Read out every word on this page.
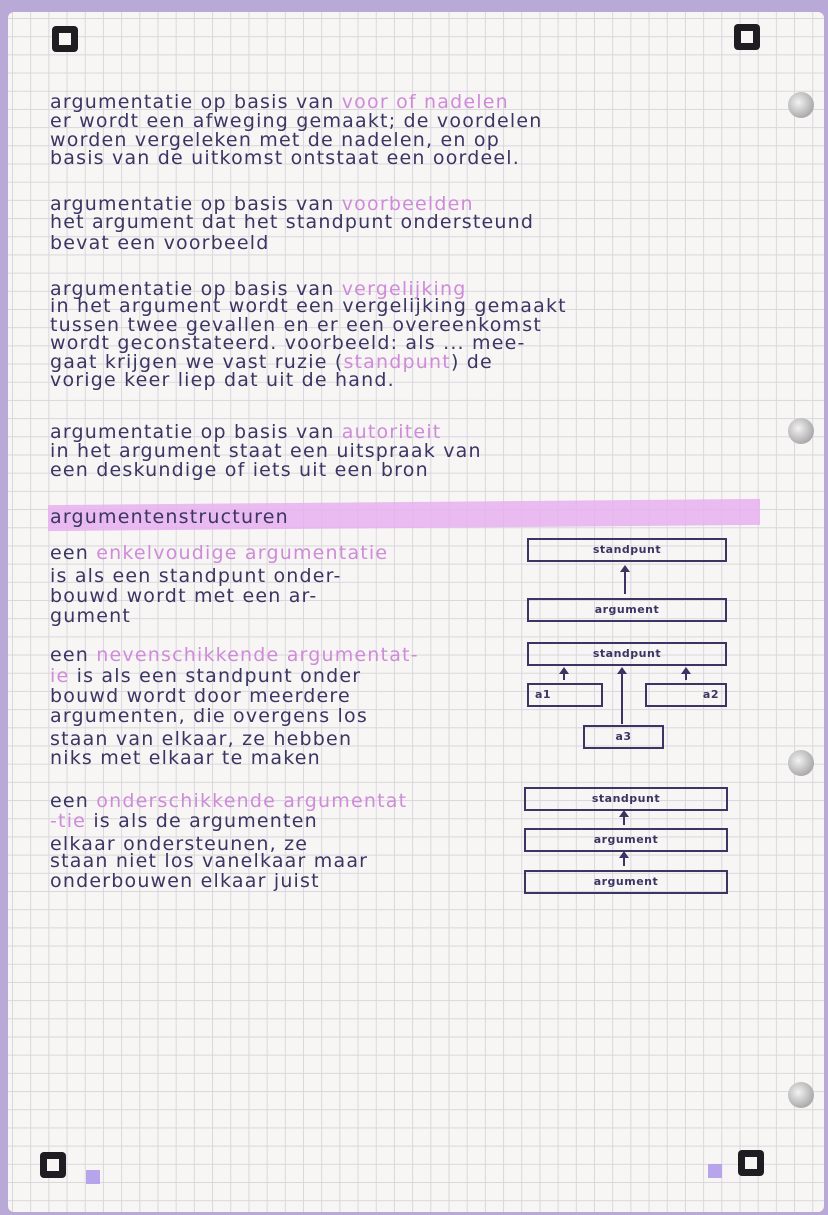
argumentatie op basis van voor of nadelen
er wordt een afweging gemaakt; de voordelen
worden vergeleken met de nadelen, en op
basis van de uitkomst ontstaat een oordeel.
argumentatie op basis van voorbeelden
het argument dat het standpunt ondersteund
bevat een voorbeeld
argumentatie op basis van vergelijking
in het argument wordt een vergelijking gemaakt
tussen twee gevallen en er een overeenkomst
wordt geconstateerd. voorbeeld: als ... mee-
gaat krijgen we vast ruzie (standpunt) de
vorige keer liep dat uit de hand.
argumentatie op basis van autoriteit
in het argument staat een uitspraak van
een deskundige of iets uit een bron
argumentenstructuren
een enkelvoudige argumentatie
is als een standpunt onder-
bouwd wordt met een ar-
gument
een nevenschikkende argumentat-
ie is als een standpunt onder
bouwd wordt door meerdere
argumenten, die overgens los
staan van elkaar, ze hebben
niks met elkaar te maken
een onderschikkende argumentat
-tie is als de argumenten
elkaar ondersteunen, ze
staan niet los vanelkaar maar
onderbouwen elkaar juist
standpunt
argument
standpunt
a1	a2
a3
standpunt
argument
argument
